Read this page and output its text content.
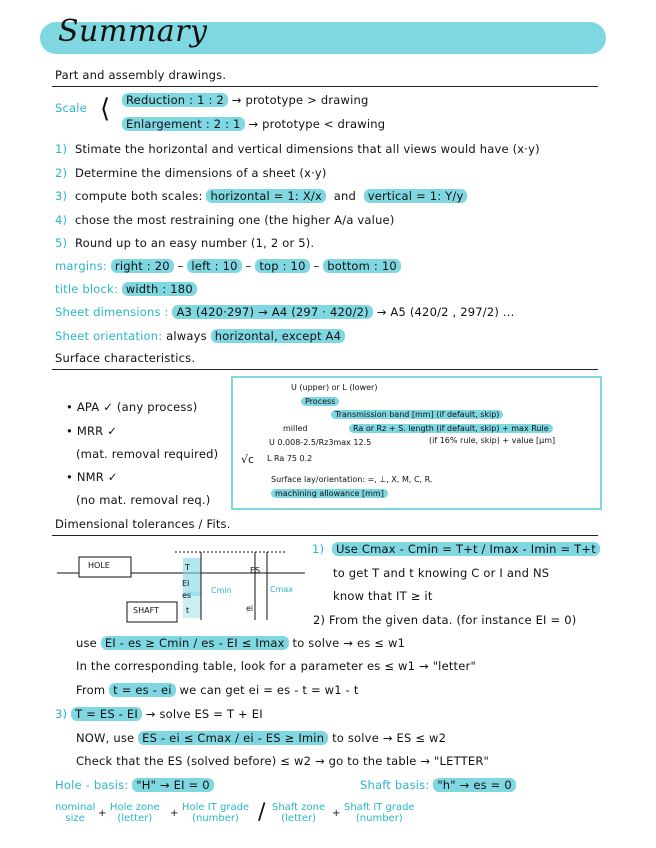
Summary
Part and assembly drawings.
Scale ⟨	Reduction : 1 : 2 → prototype > drawing
Enlargement : 2 : 1 → prototype < drawing
1) Stimate the horizontal and vertical dimensions that all views would have (x·y)
2) Determine the dimensions of a sheet (x·y)
3) compute both scales: horizontal = 1: X/x and vertical = 1: Y/y
4) chose the most restraining one (the higher A/a value)
5) Round up to an easy number (1, 2 or 5).
margins: right : 20 – left : 10 – top : 10 – bottom : 10
title block: width : 180
Sheet dimensions : A3 (420·297) → A4 (297 · 420/2) → A5 (420/2 , 297/2) ...
Sheet orientation: always horizontal, except A4
Surface characteristics.
• APA ✓ (any process)
• MRR ✓
(mat. removal required)
• NMR ✓
(no mat. removal req.)
U (upper) or L (lower)
Process
Transmission band [mm] (if default, skip)
Ra or Rz + S. length (if default, skip) + max Rule
(if 16% rule, skip) + value [µm]
milled
U 0.008-2.5/Rz3max 12.5
√c L Ra 75 0.2
Surface lay/orientation: =, ⊥, X, M, C, R.
machining allowance [mm]
Dimensional tolerances / Fits.
HOLE
SHAFT
T
t
EI
es
ES
ei
Cmin	Cmax
1) Use Cmax - Cmin = T+t / Imax - Imin = T+t
to get T and t knowing C or I and NS
know that IT ≥ it
2) From the given data. (for instance EI = 0)
use EI - es ≥ Cmin / es - EI ≤ Imax to solve → es ≤ w1
In the corresponding table, look for a parameter es ≤ w1 → "letter"
From t = es - ei we can get ei = es - t = w1 - t
3) T = ES - EI → solve ES = T + EI
NOW, use ES - ei ≤ Cmax / ei - ES ≥ Imin to solve → ES ≤ w2
Check that the ES (solved before) ≤ w2 → go to the table → "LETTER"
Hole - basis: "H" → EI = 0	Shaft basis: "h" → es = 0
nominal
size	+
Hole zone
(letter)	+
Hole IT grade
(number) / Shaft zone
(letter)	+
Shaft IT grade
(number)
